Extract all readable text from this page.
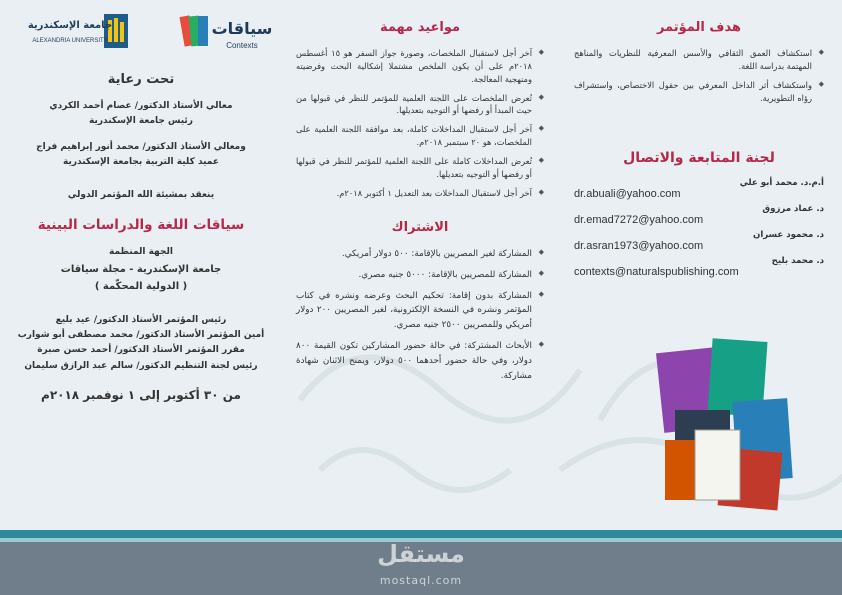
جامعة الإسكندرية
ALEXANDRIA UNIVERSITY
سياقات
Contexts
هدف المؤتمر
◆ استكشاف العمق الثقافي والأسس المعرفية للنظريات والمناهج المهتمة بدراسة اللغة.
◆ واستكشاف أثر الداخل المعرفي بين حقول الاختصاص، واستشراف رؤاه التطويرية.
لجنة المتابعة والاتصال
أ.م.د. محمد أبو علي
dr.abuali@yahoo.com
د. عماد مرزوق
dr.emad7272@yahoo.com
د. محمود عسران
dr.asran1973@yahoo.com
د. محمد بليح
contexts@naturalspublishing.com
مواعيد مهمة
◆ آخر أجل لاستقبال الملخصات، وصورة جواز السفر هو ١٥ أغسطس ٢٠١٨م على أن يكون الملخص مشتملا إشكالية البحث وفرضيته ومنهجية المعالجة.
◆ تُعرض الملخصات على اللجنة العلمية للمؤتمر للنظر في قبولها من حيث المبدأ أو رفضها أو التوجيه بتعديلها.
◆ آخر أجل لاستقبال المداخلات كاملة، بعد موافقة اللجنة العلمية على الملخصات، هو ٢٠ سبتمبر ٢٠١٨م.
◆ تُعرض المداخلات كاملة على اللجنة العلمية للمؤتمر للنظر في قبولها أو رفضها أو التوجيه بتعديلها.
◆ آخر أجل لاستقبال المداخلات بعد التعديل ١ أكتوبر ٢٠١٨م.
الاشتراك
◆ المشاركة لغير المصريين بالإقامة: ٥٠٠ دولار أمريكي.
◆ المشاركة للمصريين بالإقامة: ٥٠٠٠ جنيه مصري.
◆ المشاركة بدون إقامة: تحكيم البحث وعرضه ونشره في كتاب المؤتمر ونشره في النسخة الإلكترونية، لغير المصريين ٢٠٠ دولار أمريكي وللمصريين ٢٥٠٠ جنيه مصري.
◆ الأبحاث المشتركة: في حالة حضور المشاركين تكون القيمة ٨٠٠ دولار، وفي حالة حضور أحدهما ٥٠٠ دولار، ويمنح الاثنان شهادة مشاركة.
تحت رعاية
معالي الأستاذ الدكتور/ عصام أحمد الكردي
رئيس جامعة الإسكندرية
ومعالي الأستاذ الدكتور/ محمد أنور إبراهيم فراج
عميد كلية التربية بجامعة الإسكندرية
ينعقد بمشيئة الله المؤتمر الدولي
سياقات اللغة والدراسات البينية
الجهة المنظمة
جامعة الإسكندرية - مجلة سياقات
( الدولية المحكّمة )
رئيس المؤتمر الأستاذ الدكتور/ عيد بليع
أمين المؤتمر الأستاذ الدكتور/ محمد مصطفى أبو شوارب
مقرر المؤتمر الأستاذ الدكتور/ أحمد حسن صبرة
رئيس لجنة التنظيم الدكتور/ سالم عبد الرازق سليمان
من ٣٠ أكتوبر إلى ١ نوفمبر ٢٠١٨م
مستقل
mostaql.com
